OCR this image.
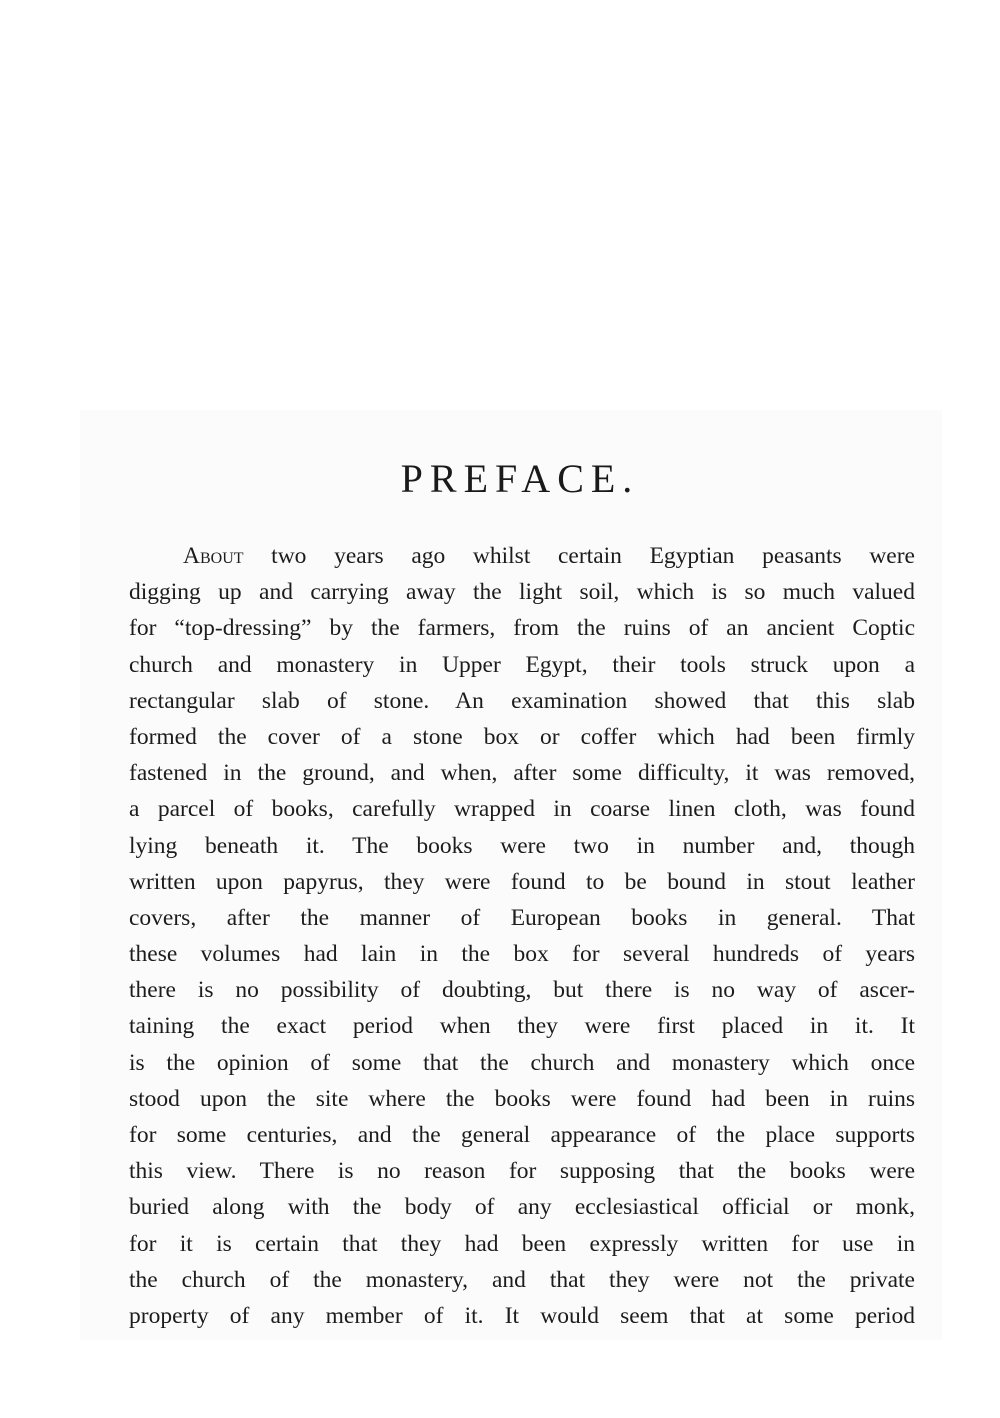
PREFACE.
About two years ago whilst certain Egyptian peasants were
digging up and carrying away the light soil, which is so much valued
for “top-dressing” by the farmers, from the ruins of an ancient Coptic
church and monastery in Upper Egypt, their tools struck upon a
rectangular slab of stone. An examination showed that this slab
formed the cover of a stone box or coffer which had been firmly
fastened in the ground, and when, after some difficulty, it was removed,
a parcel of books, carefully wrapped in coarse linen cloth, was found
lying beneath it. The books were two in number and, though
written upon papyrus, they were found to be bound in stout leather
covers, after the manner of European books in general. That
these volumes had lain in the box for several hundreds of years
there is no possibility of doubting, but there is no way of ascer-
taining the exact period when they were first placed in it. It
is the opinion of some that the church and monastery which once
stood upon the site where the books were found had been in ruins
for some centuries, and the general appearance of the place supports
this view. There is no reason for supposing that the books were
buried along with the body of any ecclesiastical official or monk,
for it is certain that they had been expressly written for use in
the church of the monastery, and that they were not the private
property of any member of it. It would seem that at some period
